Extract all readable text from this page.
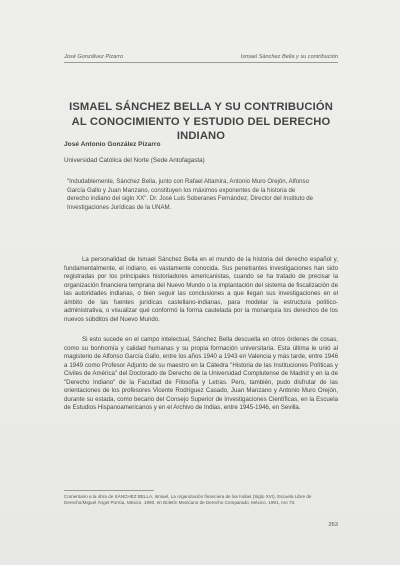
José Gonzálvez Pizarro	Ismael Sánchez Bella y su contribución
ISMAEL SÁNCHEZ BELLA Y SU CONTRIBUCIÓN AL CONOCIMIENTO Y ESTUDIO DEL DERECHO INDIANO
José Antonio González Pizarro
Universidad Católica del Norte (Sede Antofagasta)
"Indudablemente, Sánchez Bella, junto con Rafael Altamira, Antonio Muro Orejón, Alfonso García Gallo y Juan Manzano, constituyen los máximos exponentes de la historia de derecho indiano del siglo XX". Dr. José Luis Soberanes Fernández, Director del Instituto de Investigaciones Jurídicas de la UNAM.

La personalidad de Ismael Sánchez Bella en el mundo de la historia del derecho español y, fundamentalmente, el indiano, es vastamente conocida. Sus penetrantes investigaciones han sido registradas por los principales historiadores americanistas, cuando se ha tratado de precisar la organización financiera temprana del Nuevo Mundo o la implantación del sistema de fiscalización de las autoridades indianas, o bien seguir las conclusiones a que llegan sus investigaciones en el ámbito de las fuentes jurídicas castellano-indianas, para modelar la estructura político-administrativa, o visualizar qué conformó la forma cautelada por la monarquía los derechos de los nuevos súbditos del Nuevo Mundo.

Si esto sucede en el campo intelectual, Sánchez Bella descuella en otros órdenes de cosas, como su bonhomía y calidad humanas y su propia formación universitaria. Esta última le unió al magisterio de Alfonso García Gallo, entre los años 1940 a 1943 en Valencia y más tarde, entre 1946 a 1949 como Profesor Adjunto de su maestro en la Cátedra "Historia de las Instituciones Políticas y Civiles de América" del Doctorado de Derecho de la Universidad Complutense de Madrid y en la de "Derecho Indiano" de la Facultad de Filosofía y Letras. Pero, también, pudo disfrutar de las orientaciones de los profesores Vicente Rodríguez Casado, Juan Manzano y Antonio Muro Orejón, durante su estada, como becario del Consejo Superior de Investigaciones Científicas, en la Escuela de Estudios Hispanoamericanos y en el Archivo de Indias, entre 1945-1946, en Sevilla.

Comentario a la obra de SÁNCHEZ BELLA, Ismael, La organización financiera de las Indias (Siglo XVI), Escuela Libre de Derecho/Miguel Ángel Porrúa, México, 1990, en Boletín Mexicano de Derecho Comparado, México, 1991, nro 73.
263
